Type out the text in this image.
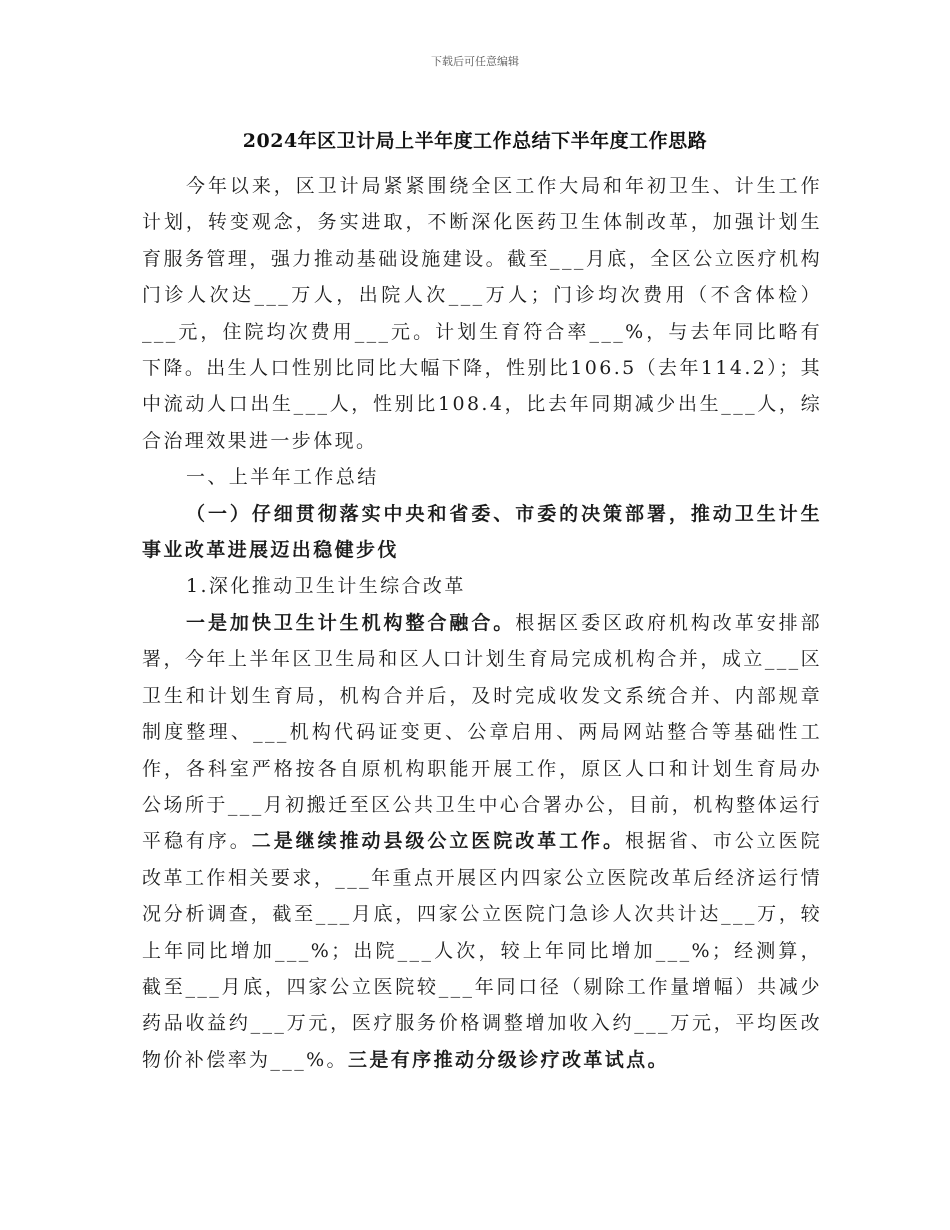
下载后可任意编辑
2024年区卫计局上半年度工作总结下半年度工作思路

今年以来，区卫计局紧紧围绕全区工作大局和年初卫生、计生工作计划，转变观念，务实进取，不断深化医药卫生体制改革，加强计划生育服务管理，强力推动基础设施建设。截至___月底，全区公立医疗机构门诊人次达___万人，出院人次___万人；门诊均次费用（不含体检）___元，住院均次费用___元。计划生育符合率___%，与去年同比略有下降。出生人口性别比同比大幅下降，性别比106.5（去年114.2）；其中流动人口出生___人，性别比108.4，比去年同期减少出生___人，综合治理效果进一步体现。

一、上半年工作总结

（一）仔细贯彻落实中央和省委、市委的决策部署，推动卫生计生事业改革进展迈出稳健步伐

1.深化推动卫生计生综合改革

一是加快卫生计生机构整合融合。根据区委区政府机构改革安排部署，今年上半年区卫生局和区人口计划生育局完成机构合并，成立___区卫生和计划生育局，机构合并后，及时完成收发文系统合并、内部规章制度整理、___机构代码证变更、公章启用、两局网站整合等基础性工作，各科室严格按各自原机构职能开展工作，原区人口和计划生育局办公场所于___月初搬迁至区公共卫生中心合署办公，目前，机构整体运行平稳有序。二是继续推动县级公立医院改革工作。根据省、市公立医院改革工作相关要求，___年重点开展区内四家公立医院改革后经济运行情况分析调查，截至___月底，四家公立医院门急诊人次共计达___万，较上年同比增加___%；出院___人次，较上年同比增加___%；经测算，截至___月底，四家公立医院较___年同口径（剔除工作量增幅）共减少药品收益约___万元，医疗服务价格调整增加收入约___万元，平均医改物价补偿率为___%。三是有序推动分级诊疗改革试点。
